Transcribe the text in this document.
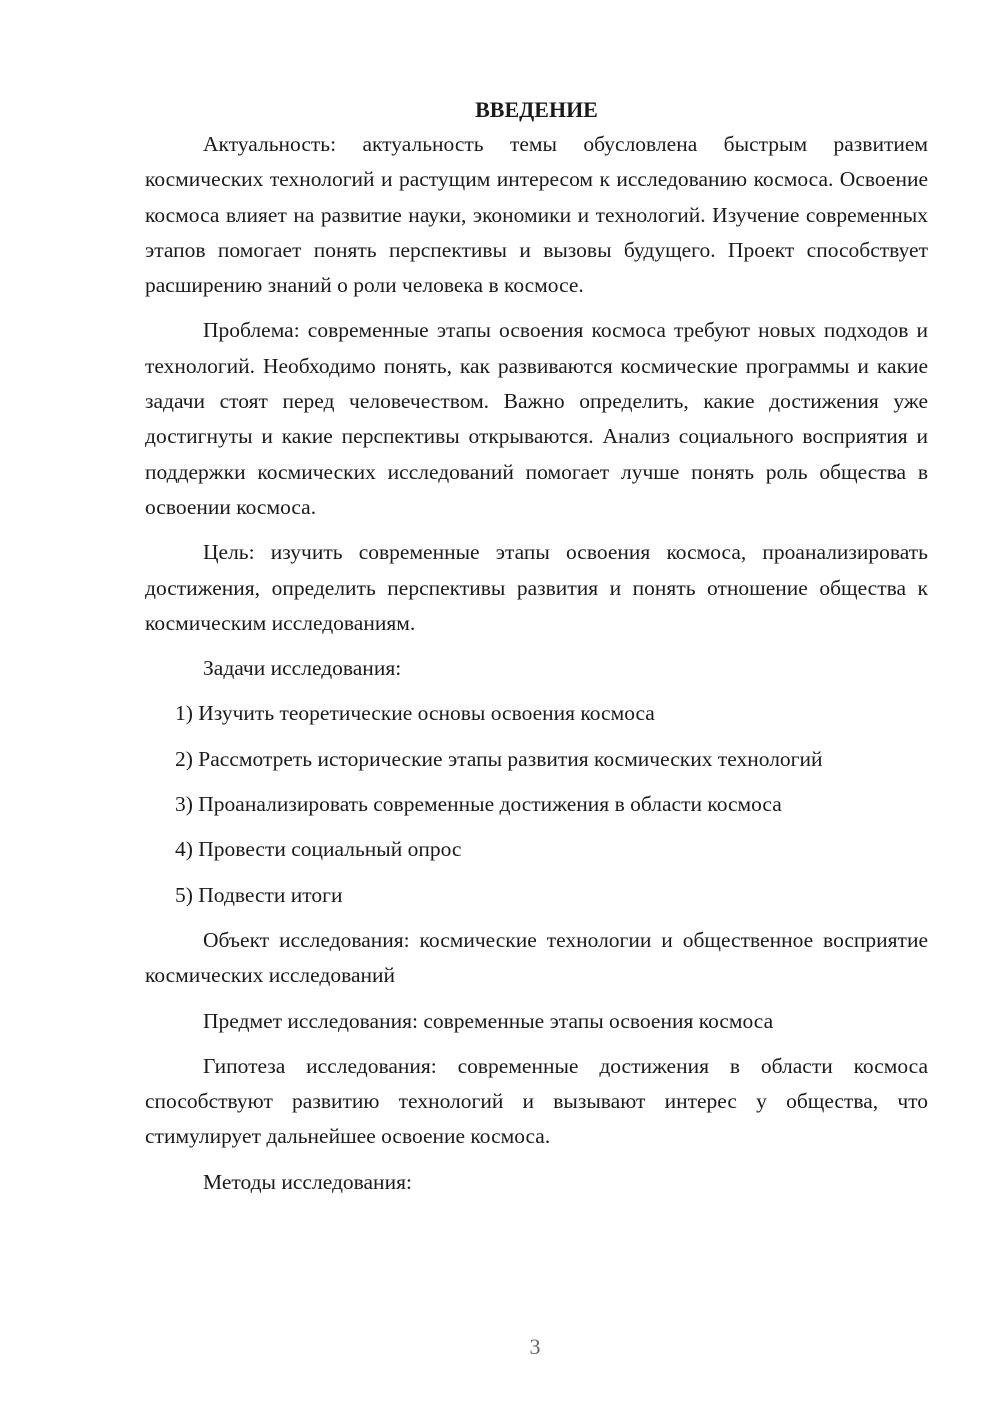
ВВЕДЕНИЕ

Актуальность: актуальность темы обусловлена быстрым развитием космических технологий и растущим интересом к исследованию космоса. Освоение космоса влияет на развитие науки, экономики и технологий. Изучение современных этапов помогает понять перспективы и вызовы будущего. Проект способствует расширению знаний о роли человека в космосе.

Проблема: современные этапы освоения космоса требуют новых подходов и технологий. Необходимо понять, как развиваются космические программы и какие задачи стоят перед человечеством. Важно определить, какие достижения уже достигнуты и какие перспективы открываются. Анализ социального восприятия и поддержки космических исследований помогает лучше понять роль общества в освоении космоса.

Цель: изучить современные этапы освоения космоса, проанализировать достижения, определить перспективы развития и понять отношение общества к космическим исследованиям.

Задачи исследования:

1) Изучить теоретические основы освоения космоса
2) Рассмотреть исторические этапы развития космических технологий
3) Проанализировать современные достижения в области космоса
4) Провести социальный опрос
5) Подвести итоги

Объект исследования: космические технологии и общественное восприятие космических исследований

Предмет исследования: современные этапы освоения космоса

Гипотеза исследования: современные достижения в области космоса способствуют развитию технологий и вызывают интерес у общества, что стимулирует дальнейшее освоение космоса.

Методы исследования:

3
